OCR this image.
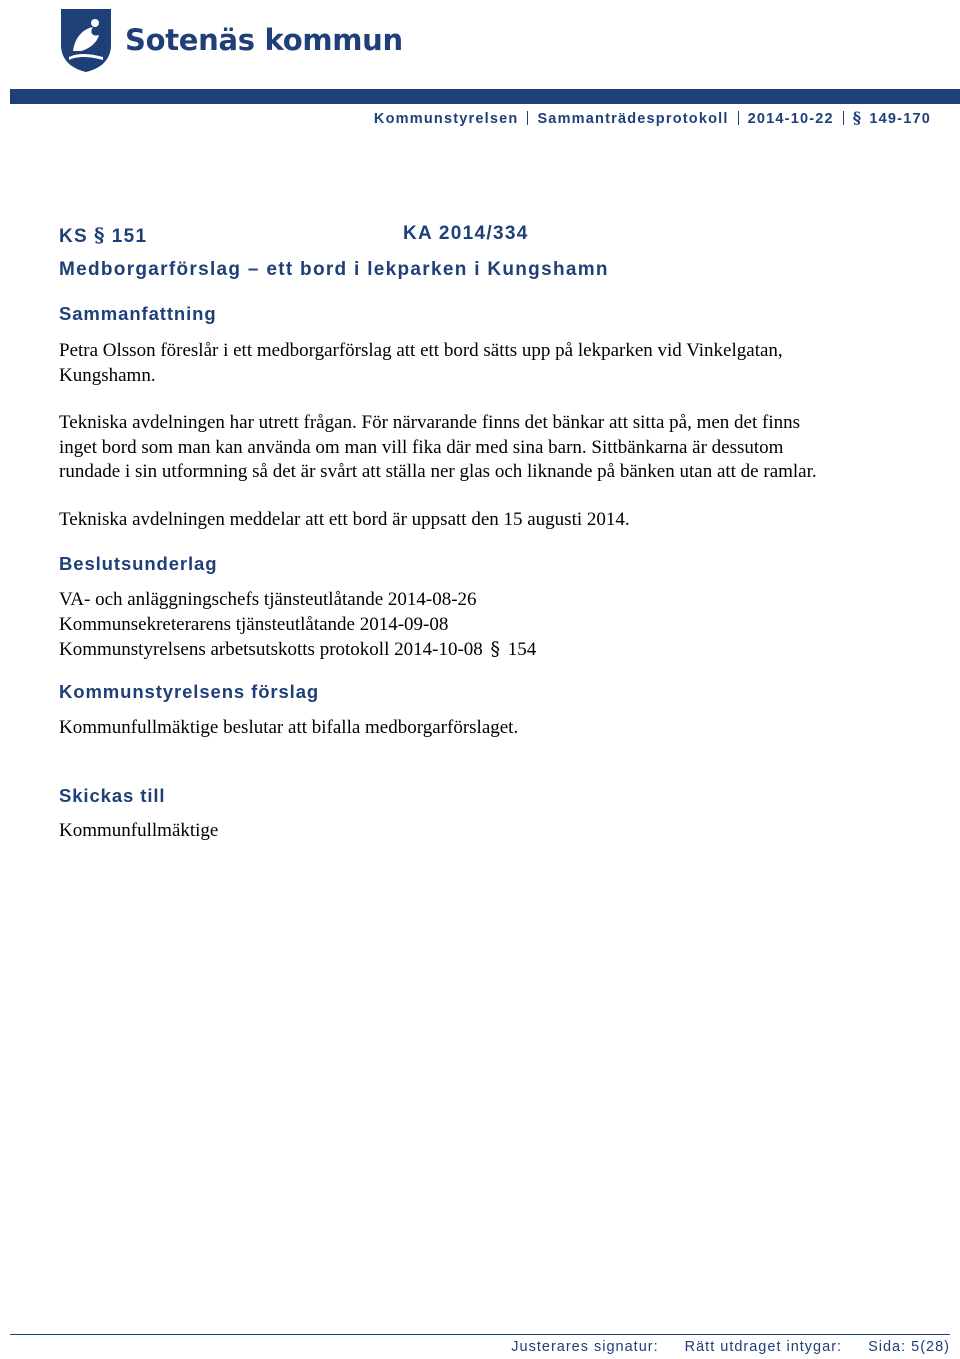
Sotenäs kommun
Kommunstyrelsen Sammanträdesprotokoll 2014-10-22 § 149-170
KS § 151	KA 2014/334
Medborgarförslag – ett bord i lekparken i Kungshamn
Sammanfattning
Petra Olsson föreslår i ett medborgarförslag att ett bord sätts upp på lekparken vid Vinkelgatan,
Kungshamn.
Tekniska avdelningen har utrett frågan. För närvarande finns det bänkar att sitta på, men det finns
inget bord som man kan använda om man vill fika där med sina barn. Sittbänkarna är dessutom
rundade i sin utformning så det är svårt att ställa ner glas och liknande på bänken utan att de ramlar.
Tekniska avdelningen meddelar att ett bord är uppsatt den 15 augusti 2014.
Beslutsunderlag
VA- och anläggningschefs tjänsteutlåtande 2014-08-26
Kommunsekreterarens tjänsteutlåtande 2014-09-08
Kommunstyrelsens arbetsutskotts protokoll 2014-10-08 § 154
Kommunstyrelsens förslag
Kommunfullmäktige beslutar att bifalla medborgarförslaget.
Skickas till
Kommunfullmäktige
Justerares signatur: Rätt utdraget intygar: Sida: 5(28)
